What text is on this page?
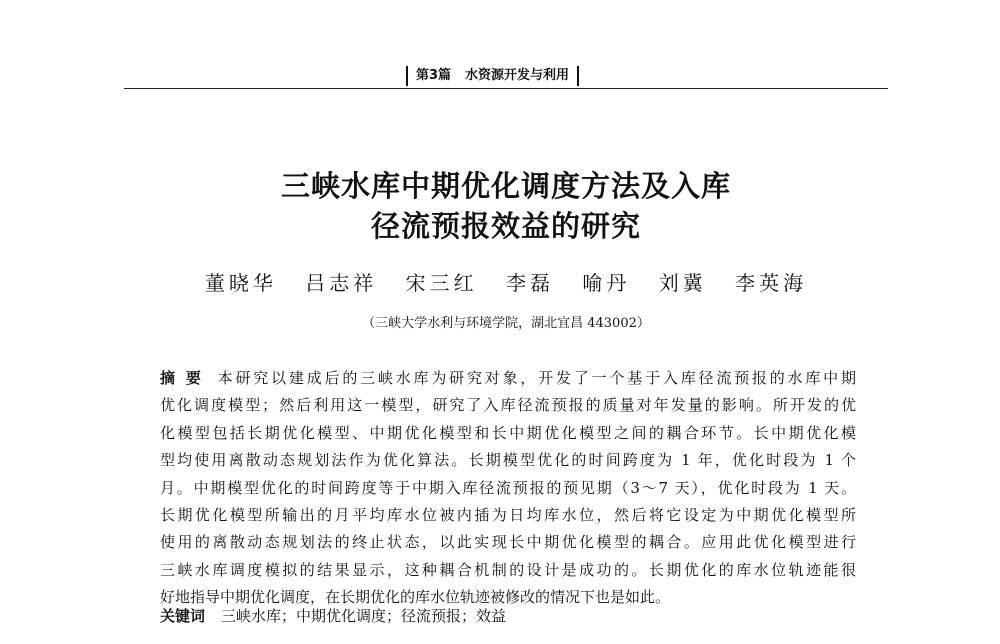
第3篇 水资源开发与利用
三峡水库中期优化调度方法及入库
径流预报效益的研究
董晓华 吕志祥 宋三红 李磊 喻丹 刘冀 李英海
（三峡大学水利与环境学院，湖北宜昌 443002）
摘 要 本研究以建成后的三峡水库为研究对象，开发了一个基于入库径流预报的水库中期
优化调度模型；然后利用这一模型，研究了入库径流预报的质量对年发量的影响。所开发的优
化模型包括长期优化模型、中期优化模型和长中期优化模型之间的耦合环节。长中期优化模
型均使用离散动态规划法作为优化算法。长期模型优化的时间跨度为 1 年，优化时段为 1 个
月。中期模型优化的时间跨度等于中期入库径流预报的预见期（3～7 天），优化时段为 1 天。
长期优化模型所输出的月平均库水位被内插为日均库水位，然后将它设定为中期优化模型所
使用的离散动态规划法的终止状态，以此实现长中期优化模型的耦合。应用此优化模型进行
三峡水库调度模拟的结果显示，这种耦合机制的设计是成功的。长期优化的库水位轨迹能很
好地指导中期优化调度，在长期优化的库水位轨迹被修改的情况下也是如此。
关键词 三峡水库；中期优化调度；径流预报；效益
